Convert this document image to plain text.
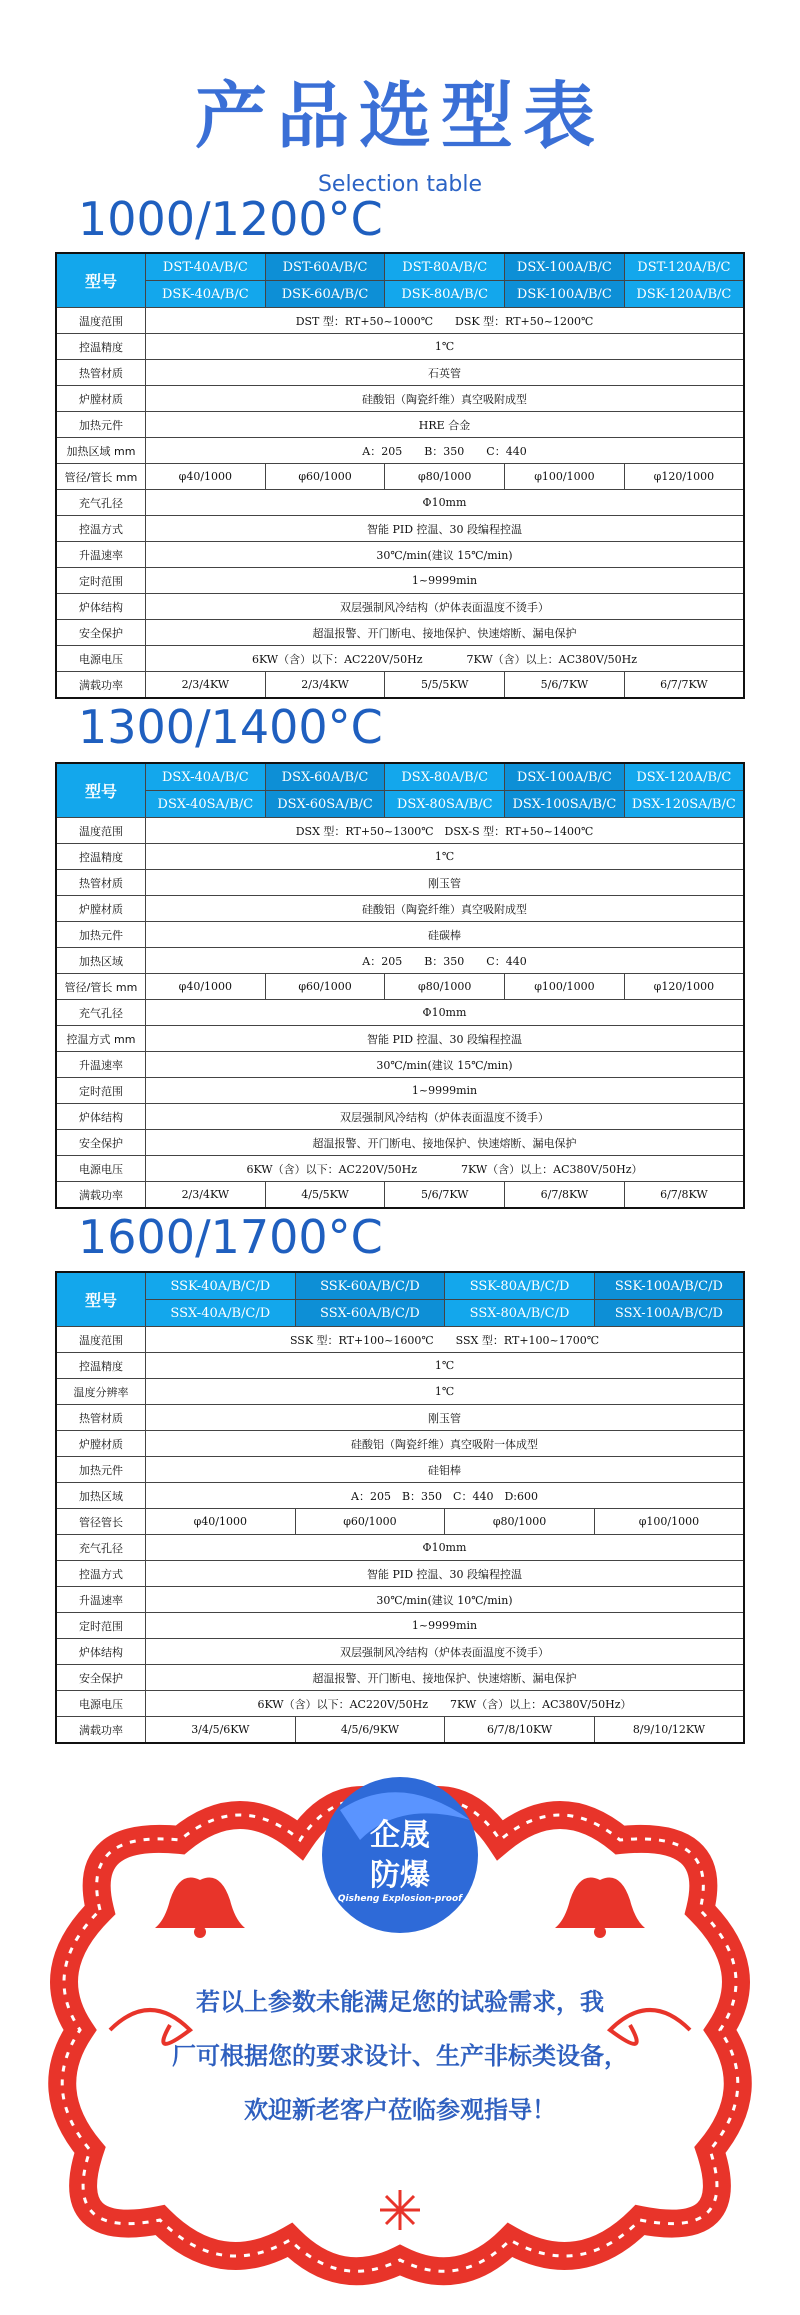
产品选型表
Selection table
1000/1200°C
型号	DST-40A/B/C	DST-60A/B/C	DST-80A/B/C	DSX-100A/B/C	DST-120A/B/C
	DSK-40A/B/C	DSK-60A/B/C	DSK-80A/B/C	DSK-100A/B/C	DSK-120A/B/C
温度范围	DST 型：RT+50~1000℃　　DSK 型：RT+50~1200℃				
控温精度	1℃				
热管材质	石英管				
炉膛材质	硅酸铝（陶瓷纤维）真空吸附成型				
加热元件	HRE 合金				
加热区域 mm	A：205　　B：350　　C：440				
管径/管长 mm	φ40/1000	φ60/1000	φ80/1000	φ100/1000	φ120/1000
充气孔径	Φ10mm				
控温方式	智能 PID 控温、30 段编程控温				
升温速率	30℃/min(建议 15℃/min)				
定时范围	1~9999min				
炉体结构	双层强制风冷结构（炉体表面温度不烫手）				
安全保护	超温报警、开门断电、接地保护、快速熔断、漏电保护				
电源电压	6KW（含）以下：AC220V/50Hz　　　　7KW（含）以上：AC380V/50Hz				
满载功率	2/3/4KW	2/3/4KW	5/5/5KW	5/6/7KW	6/7/7KW
1300/1400°C
型号	DSX-40A/B/C	DSX-60A/B/C	DSX-80A/B/C	DSX-100A/B/C	DSX-120A/B/C
	DSX-40SA/B/C	DSX-60SA/B/C	DSX-80SA/B/C	DSX-100SA/B/C	DSX-120SA/B/C
温度范围	DSX 型：RT+50~1300℃　DSX-S 型：RT+50~1400℃				
控温精度	1℃				
热管材质	刚玉管				
炉膛材质	硅酸铝（陶瓷纤维）真空吸附成型				
加热元件	硅碳棒				
加热区域	A：205　　B：350　　C：440				
管径/管长 mm	φ40/1000	φ60/1000	φ80/1000	φ100/1000	φ120/1000
充气孔径	Φ10mm				
控温方式 mm	智能 PID 控温、30 段编程控温				
升温速率	30℃/min(建议 15℃/min)				
定时范围	1~9999min				
炉体结构	双层强制风冷结构（炉体表面温度不烫手）				
安全保护	超温报警、开门断电、接地保护、快速熔断、漏电保护				
电源电压	6KW（含）以下：AC220V/50Hz　　　　7KW（含）以上：AC380V/50Hz）				
满载功率	2/3/4KW	4/5/5KW	5/6/7KW	6/7/8KW	6/7/8KW
1600/1700°C
型号	SSK-40A/B/C/D	SSK-60A/B/C/D	SSK-80A/B/C/D	SSK-100A/B/C/D
	SSX-40A/B/C/D	SSX-60A/B/C/D	SSX-80A/B/C/D	SSX-100A/B/C/D
温度范围	SSK 型：RT+100~1600℃　　SSX 型：RT+100~1700℃			
控温精度	1℃			
温度分辨率	1℃			
热管材质	刚玉管			
炉膛材质	硅酸铝（陶瓷纤维）真空吸附一体成型			
加热元件	硅钼棒			
加热区域	A：205　B：350　C：440　D:600			
管径管长	φ40/1000	φ60/1000	φ80/1000	φ100/1000
充气孔径	Φ10mm			
控温方式	智能 PID 控温、30 段编程控温			
升温速率	30℃/min(建议 10℃/min)			
定时范围	1~9999min			
炉体结构	双层强制风冷结构（炉体表面温度不烫手）			
安全保护	超温报警、开门断电、接地保护、快速熔断、漏电保护			
电源电压	6KW（含）以下：AC220V/50Hz　　7KW（含）以上：AC380V/50Hz）			
满载功率	3/4/5/6KW	4/5/6/9KW	6/7/8/10KW	8/9/10/12KW
企晟
防爆
Qisheng Explosion-proof
若以上参数未能满足您的试验需求，我
厂可根据您的要求设计、生产非标类设备，
欢迎新老客户莅临参观指导！
